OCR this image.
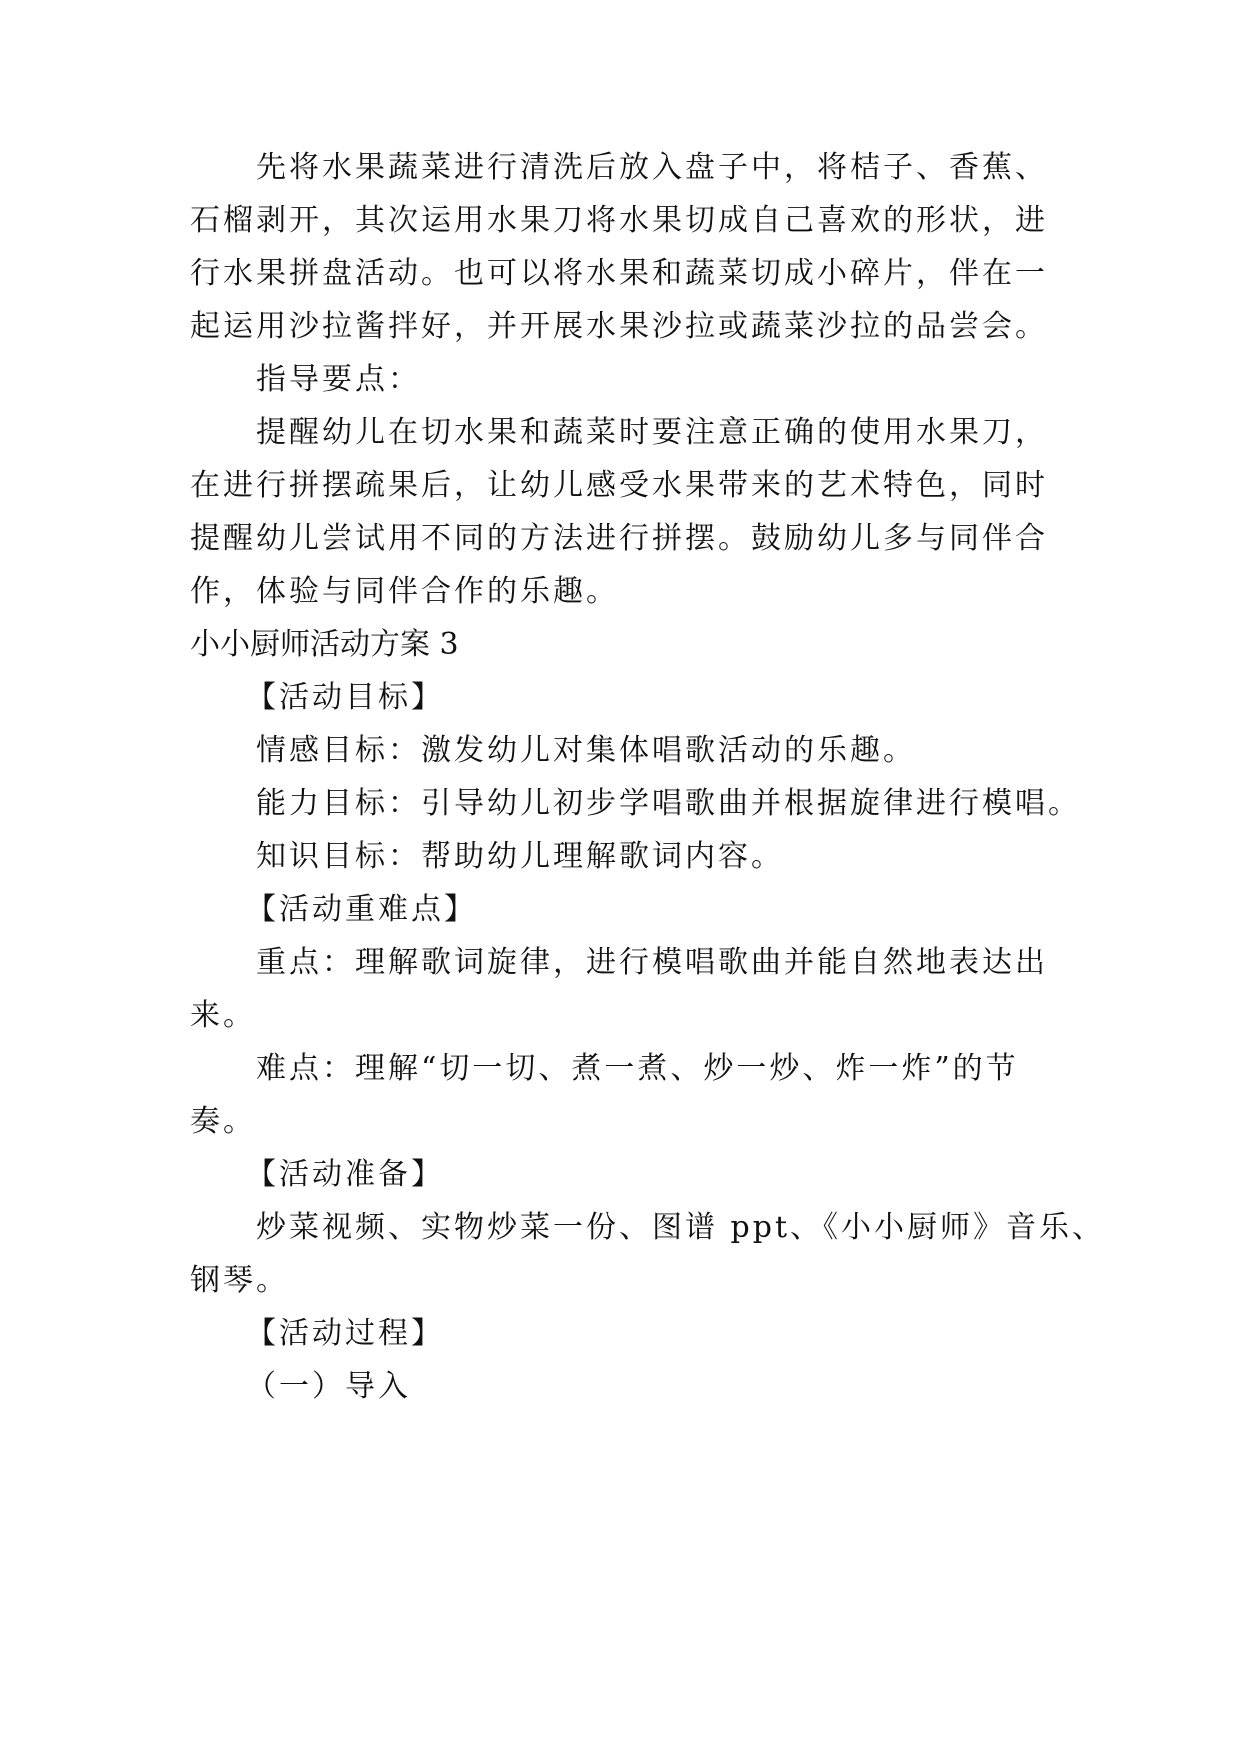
先将水果蔬菜进行清洗后放入盘子中，将桔子、香蕉、
石榴剥开，其次运用水果刀将水果切成自己喜欢的形状，进
行水果拼盘活动。也可以将水果和蔬菜切成小碎片，伴在一
起运用沙拉酱拌好，并开展水果沙拉或蔬菜沙拉的品尝会。
指导要点：
提醒幼儿在切水果和蔬菜时要注意正确的使用水果刀，
在进行拼摆疏果后，让幼儿感受水果带来的艺术特色，同时
提醒幼儿尝试用不同的方法进行拼摆。鼓励幼儿多与同伴合
作，体验与同伴合作的乐趣。
小小厨师活动方案 3
【活动目标】
情感目标：激发幼儿对集体唱歌活动的乐趣。
能力目标：引导幼儿初步学唱歌曲并根据旋律进行模唱。
知识目标：帮助幼儿理解歌词内容。
【活动重难点】
重点：理解歌词旋律，进行模唱歌曲并能自然地表达出
来。
难点：理解“切一切、煮一煮、炒一炒、炸一炸”的节
奏。
【活动准备】
炒菜视频、实物炒菜一份、图谱 ppt、《小小厨师》音乐、
钢琴。
【活动过程】
（一）导入
